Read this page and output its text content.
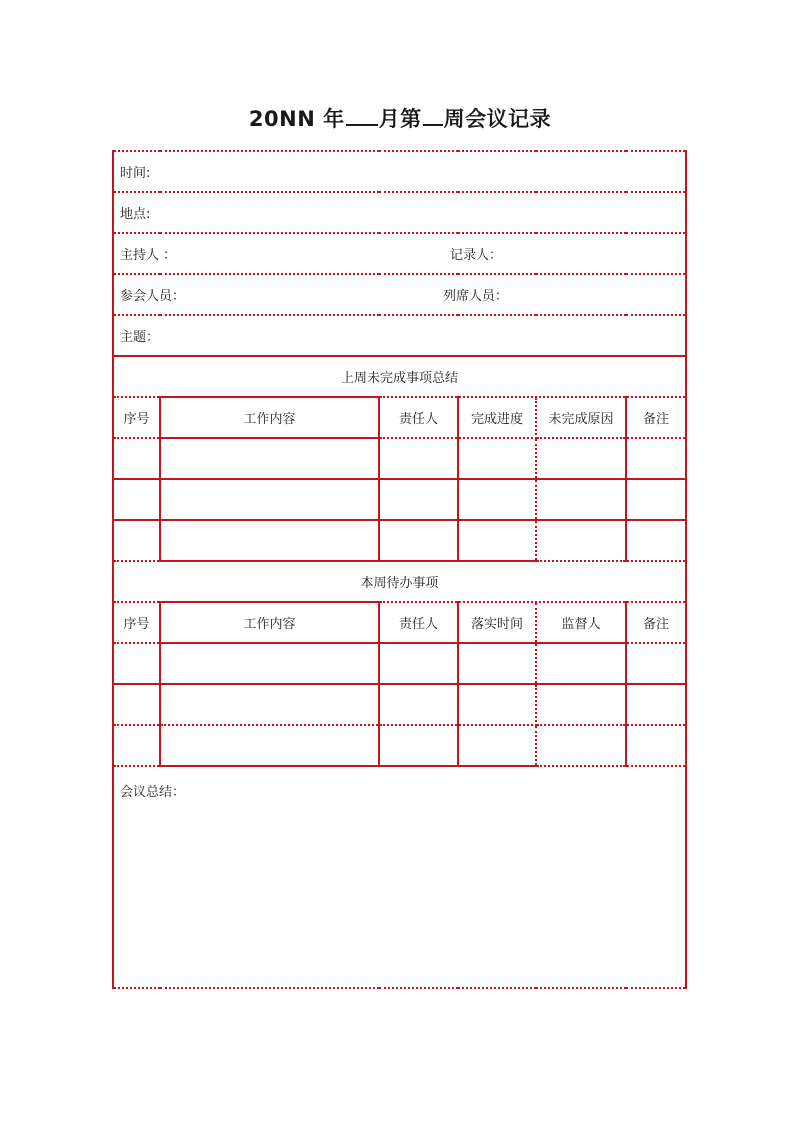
20NN 年 月第 周会议记录
时间:					
地点:					
主持人 ： 记录人：					
参会人员： 列席人员：					
主题：					
上周未完成事项总结					
序号	工作内容	责任人	完成进度	未完成原因	备注

本周待办事项					
序号	工作内容	责任人	落实时间	监督人	备注

会议总结：					
